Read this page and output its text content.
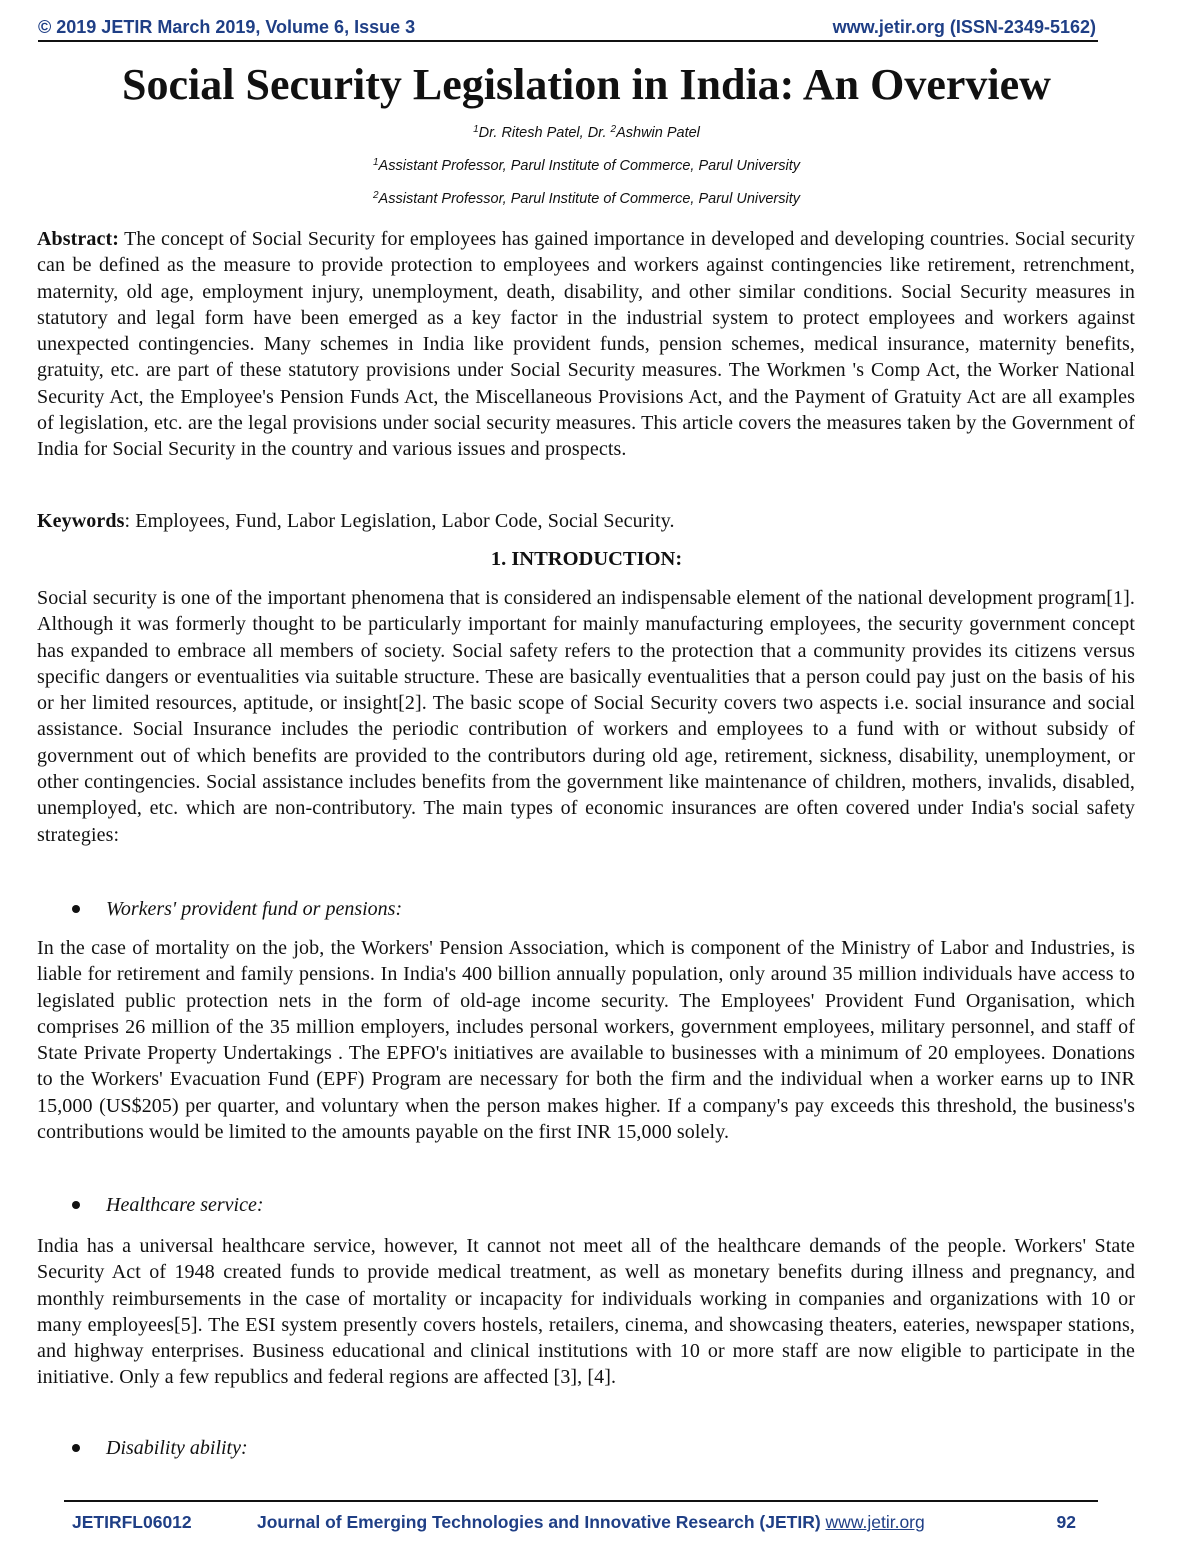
© 2019 JETIR March 2019, Volume 6, Issue 3	www.jetir.org (ISSN-2349-5162)
Social Security Legislation in India: An Overview
$^1$Dr. Ritesh Patel, Dr. $^2$Ashwin Patel
$^1$Assistant Professor, Parul Institute of Commerce, Parul University
$^2$Assistant Professor, Parul Institute of Commerce, Parul University

Abstract: The concept of Social Security for employees has gained importance in developed and developing countries. Social security can be defined as the measure to provide protection to employees and workers against contingencies like retirement, retrenchment, maternity, old age, employment injury, unemployment, death, disability, and other similar conditions. Social Security measures in statutory and legal form have been emerged as a key factor in the industrial system to protect employees and workers against unexpected contingencies. Many schemes in India like provident funds, pension schemes, medical insurance, maternity benefits, gratuity, etc. are part of these statutory provisions under Social Security measures. The Workmen 's Comp Act, the Worker National Security Act, the Employee's Pension Funds Act, the Miscellaneous Provisions Act, and the Payment of Gratuity Act are all examples of legislation, etc. are the legal provisions under social security measures. This article covers the measures taken by the Government of India for Social Security in the country and various issues and prospects.

Keywords: Employees, Fund, Labor Legislation, Labor Code, Social Security.

1. INTRODUCTION:

Social security is one of the important phenomena that is considered an indispensable element of the national development program[1]. Although it was formerly thought to be particularly important for mainly manufacturing employees, the security government concept has expanded to embrace all members of society. Social safety refers to the protection that a community provides its citizens versus specific dangers or eventualities via suitable structure. These are basically eventualities that a person could pay just on the basis of his or her limited resources, aptitude, or insight[2]. The basic scope of Social Security covers two aspects i.e. social insurance and social assistance. Social Insurance includes the periodic contribution of workers and employees to a fund with or without subsidy of government out of which benefits are provided to the contributors during old age, retirement, sickness, disability, unemployment, or other contingencies. Social assistance includes benefits from the government like maintenance of children, mothers, invalids, disabled, unemployed, etc. which are non-contributory. The main types of economic insurances are often covered under India's social safety strategies:

Workers' provident fund or pensions:

In the case of mortality on the job, the Workers' Pension Association, which is component of the Ministry of Labor and Industries, is liable for retirement and family pensions. In India's 400 billion annually population, only around 35 million individuals have access to legislated public protection nets in the form of old-age income security. The Employees' Provident Fund Organisation, which comprises 26 million of the 35 million employers, includes personal workers, government employees, military personnel, and staff of State Private Property Undertakings . The EPFO's initiatives are available to businesses with a minimum of 20 employees. Donations to the Workers' Evacuation Fund (EPF) Program are necessary for both the firm and the individual when a worker earns up to INR 15,000 (US$205) per quarter, and voluntary when the person makes higher. If a company's pay exceeds this threshold, the business's contributions would be limited to the amounts payable on the first INR 15,000 solely.

Healthcare service:

India has a universal healthcare service, however, It cannot not meet all of the healthcare demands of the people. Workers' State Security Act of 1948 created funds to provide medical treatment, as well as monetary benefits during illness and pregnancy, and monthly reimbursements in the case of mortality or incapacity for individuals working in companies and organizations with 10 or many employees[5]. The ESI system presently covers hostels, retailers, cinema, and showcasing theaters, eateries, newspaper stations, and highway enterprises. Business educational and clinical institutions with 10 or more staff are now eligible to participate in the initiative. Only a few republics and federal regions are affected [3], [4].

Disability ability:
JETIRFL06012	Journal of Emerging Technologies and Innovative Research (JETIR) www.jetir.org	92
